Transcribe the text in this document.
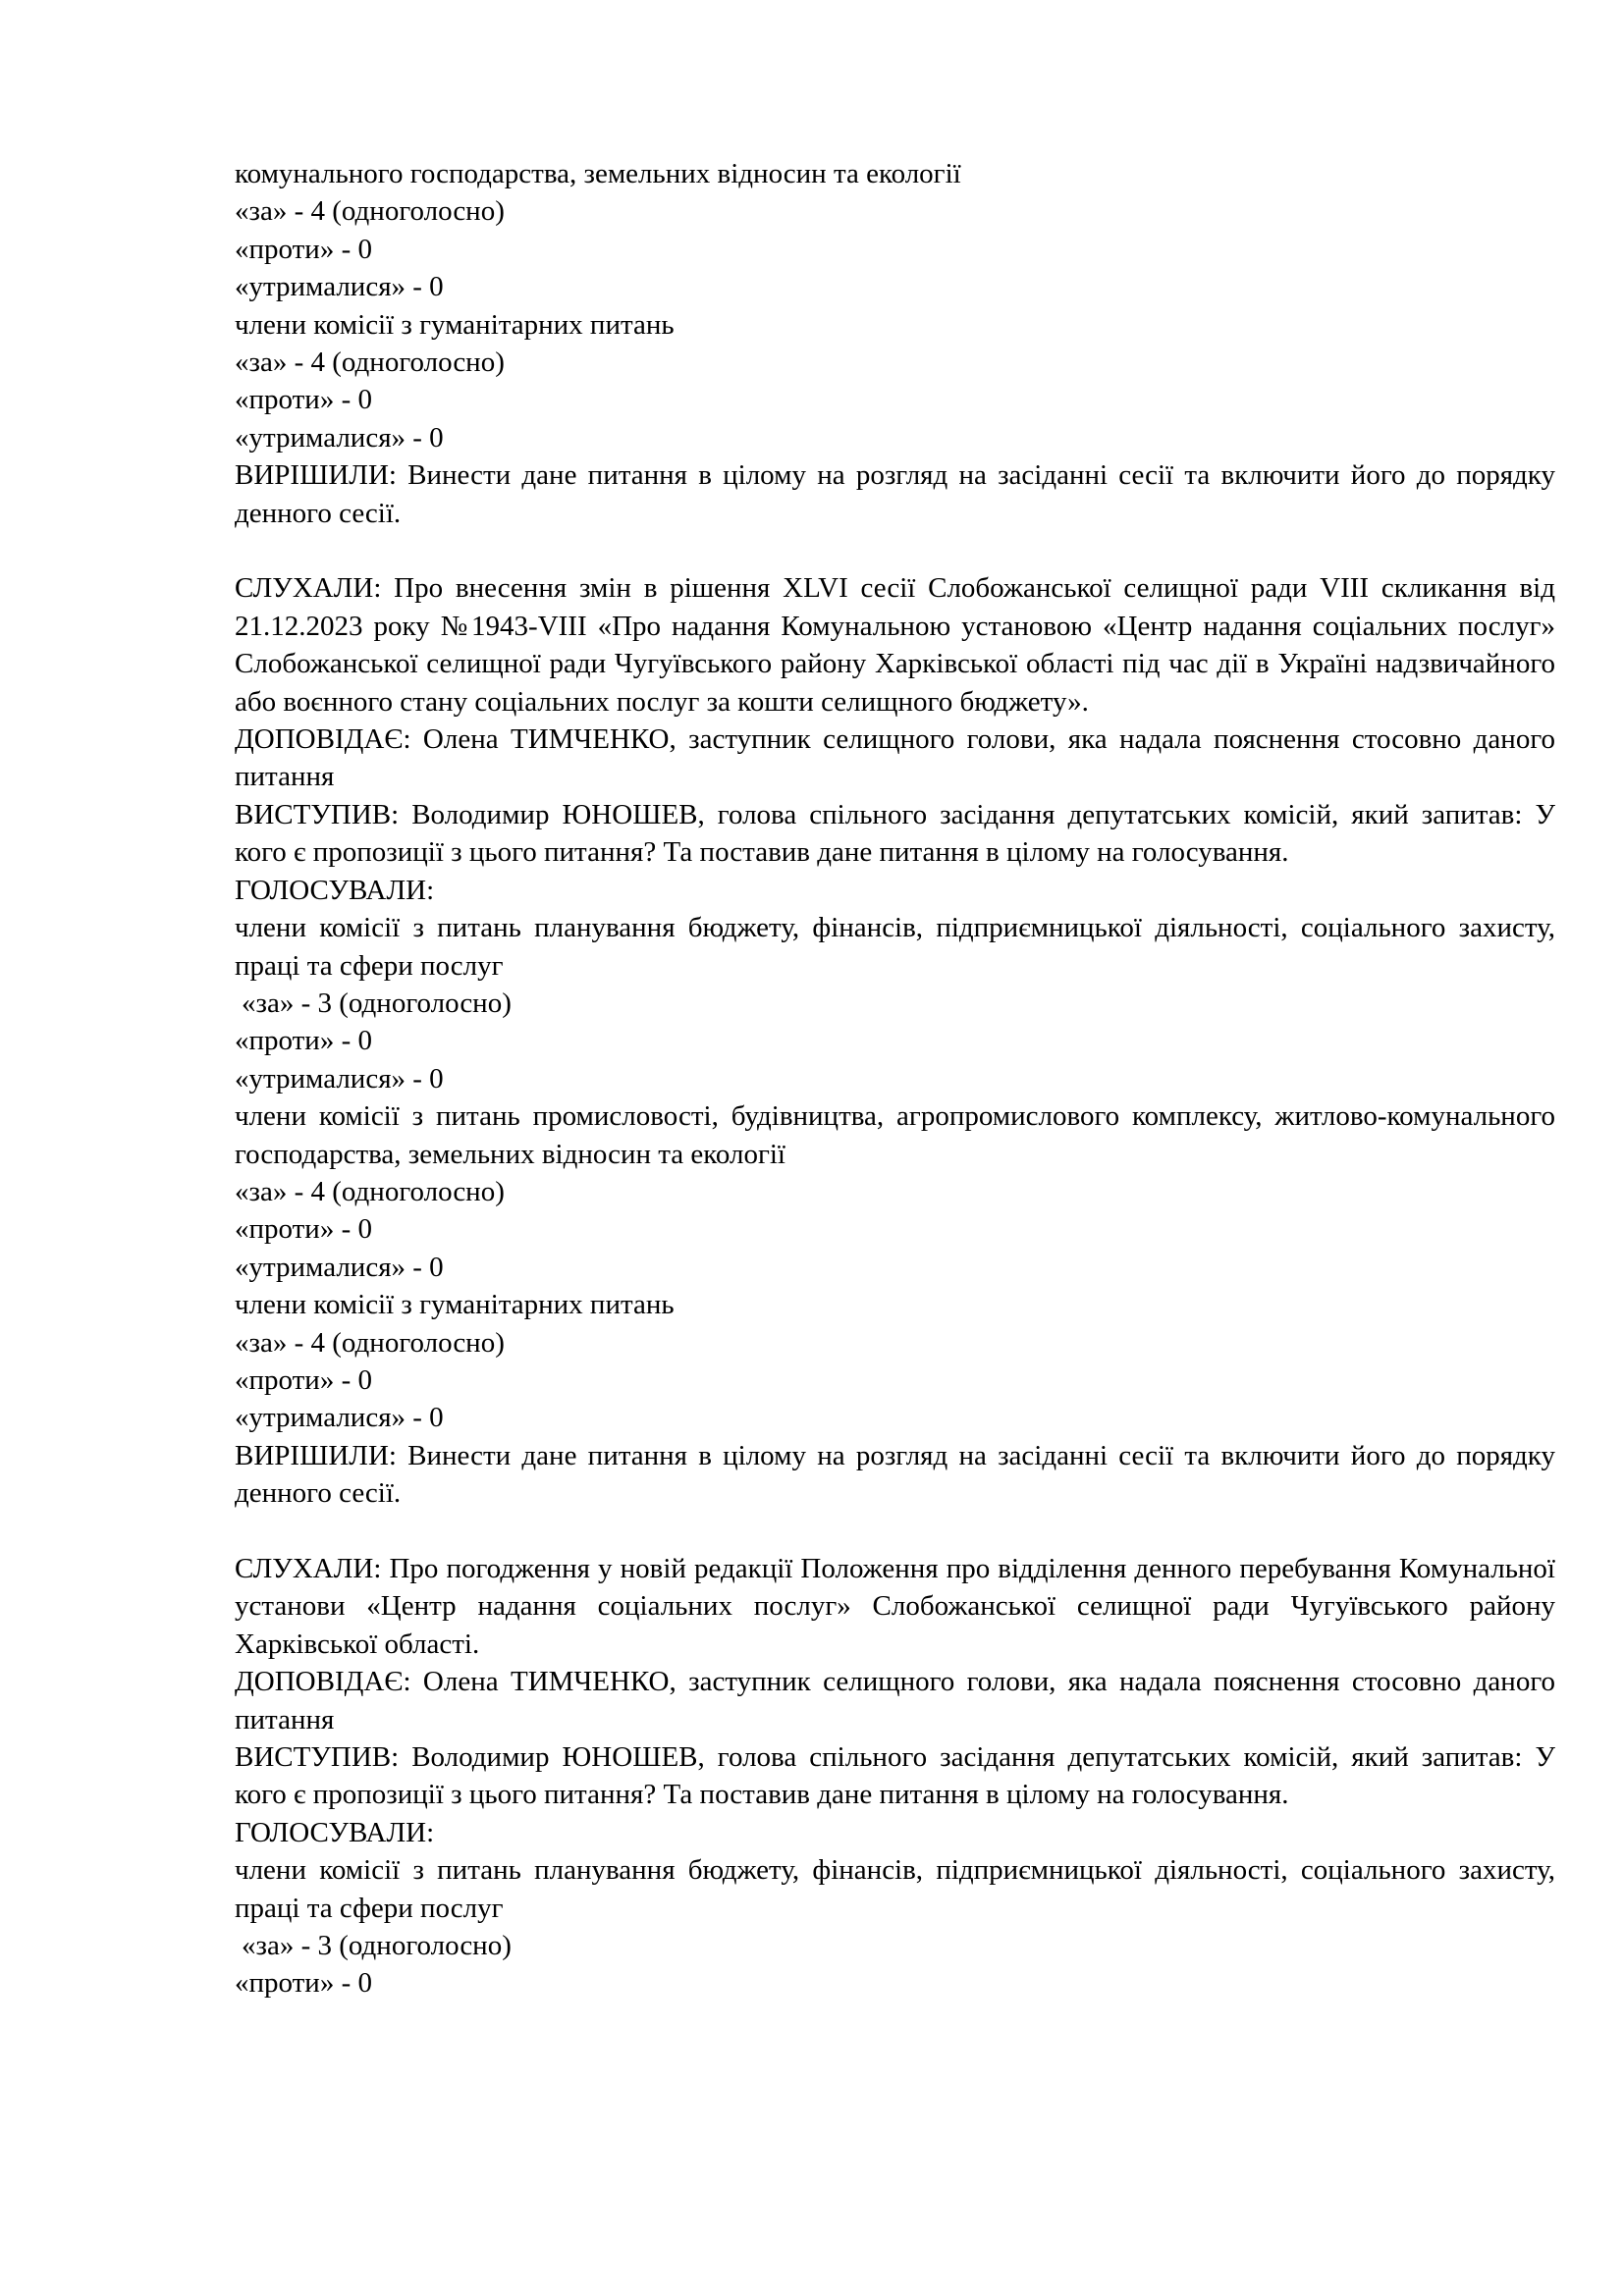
комунального господарства, земельних відносин та екології

«за» - 4 (одноголосно)

«проти» - 0

«утрималися» - 0

члени комісії з гуманітарних питань

«за» - 4 (одноголосно)

«проти» - 0

«утрималися» - 0

ВИРІШИЛИ: Винести дане питання в цілому на розгляд на засіданні сесії та включити його до порядку денного сесії.

СЛУХАЛИ: Про внесення змін в рішення XLVI сесії Слобожанської селищної ради VIII скликання від 21.12.2023 року №1943-VIII «Про надання Комунальною установою «Центр надання соціальних послуг» Слобожанської селищної ради Чугуївського району Харківської області під час дії в Україні надзвичайного або воєнного стану соціальних послуг за кошти селищного бюджету».

ДОПОВІДАЄ: Олена ТИМЧЕНКО, заступник селищного голови, яка надала пояснення стосовно даного питання

ВИСТУПИВ: Володимир ЮНОШЕВ, голова спільного засідання депутатських комісій, який запитав: У кого є пропозиції з цього питання? Та поставив дане питання в цілому на голосування.

ГОЛОСУВАЛИ:

члени комісії з питань планування бюджету, фінансів, підприємницької діяльності, соціального захисту, праці та сфери послуг

«за» - 3 (одноголосно)

«проти» - 0

«утрималися» - 0

члени комісії з питань промисловості, будівництва, агропромислового комплексу, житлово-комунального господарства, земельних відносин та екології

«за» - 4 (одноголосно)

«проти» - 0

«утрималися» - 0

члени комісії з гуманітарних питань

«за» - 4 (одноголосно)

«проти» - 0

«утрималися» - 0

ВИРІШИЛИ: Винести дане питання в цілому на розгляд на засіданні сесії та включити його до порядку денного сесії.

СЛУХАЛИ: Про погодження у новій редакції Положення про відділення денного перебування Комунальної установи «Центр надання соціальних послуг» Слобожанської селищної ради Чугуївського району Харківської області.

ДОПОВІДАЄ: Олена ТИМЧЕНКО, заступник селищного голови, яка надала пояснення стосовно даного питання

ВИСТУПИВ: Володимир ЮНОШЕВ, голова спільного засідання депутатських комісій, який запитав: У кого є пропозиції з цього питання? Та поставив дане питання в цілому на голосування.

ГОЛОСУВАЛИ:

члени комісії з питань планування бюджету, фінансів, підприємницької діяльності, соціального захисту, праці та сфери послуг

«за» - 3 (одноголосно)

«проти» - 0
